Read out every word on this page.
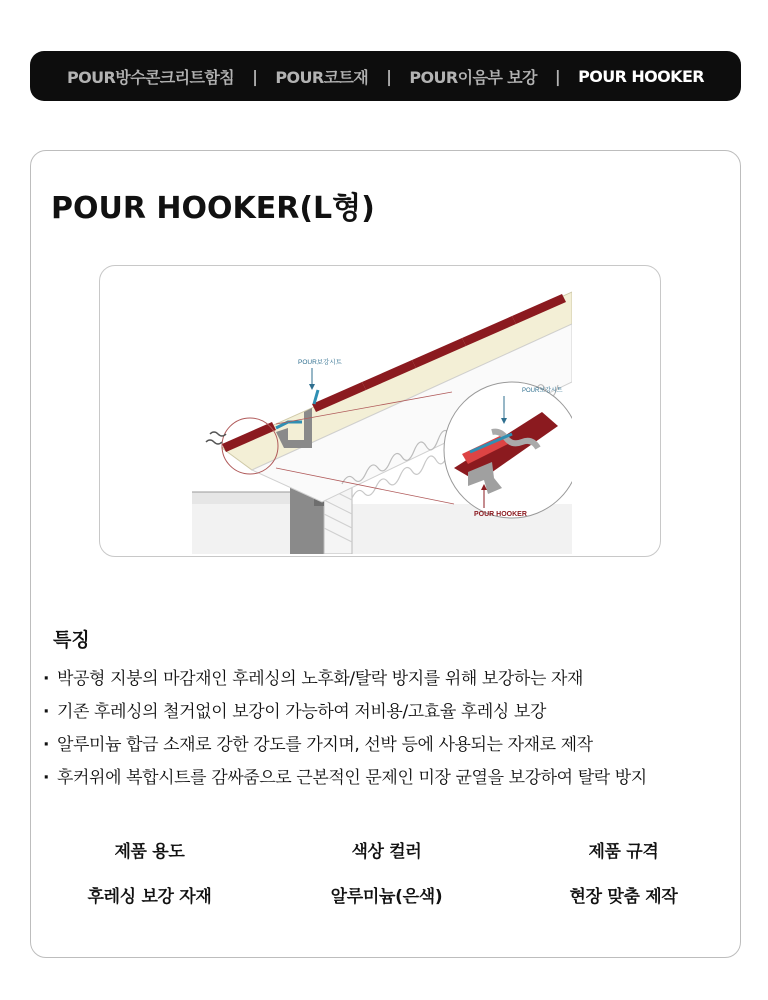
POUR방수콘크리트함침 | POUR코트재 | POUR이음부 보강 | POUR HOOKER
POUR HOOKER(L형)
POUR보강시트
POUR보강시트
POUR HOOKER
특징
· 박공형 지붕의 마감재인 후레싱의 노후화/탈락 방지를 위해 보강하는 자재
· 기존 후레싱의 철거없이 보강이 가능하여 저비용/고효율 후레싱 보강
· 알루미늄 합금 소재로 강한 강도를 가지며, 선박 등에 사용되는 자재로 제작
· 후커위에 복합시트를 감싸줌으로 근본적인 문제인 미장 균열을 보강하여 탈락 방지
제품 용도
후레싱 보강 자재
색상 컬러
알루미늄(은색)
제품 규격
현장 맞춤 제작
